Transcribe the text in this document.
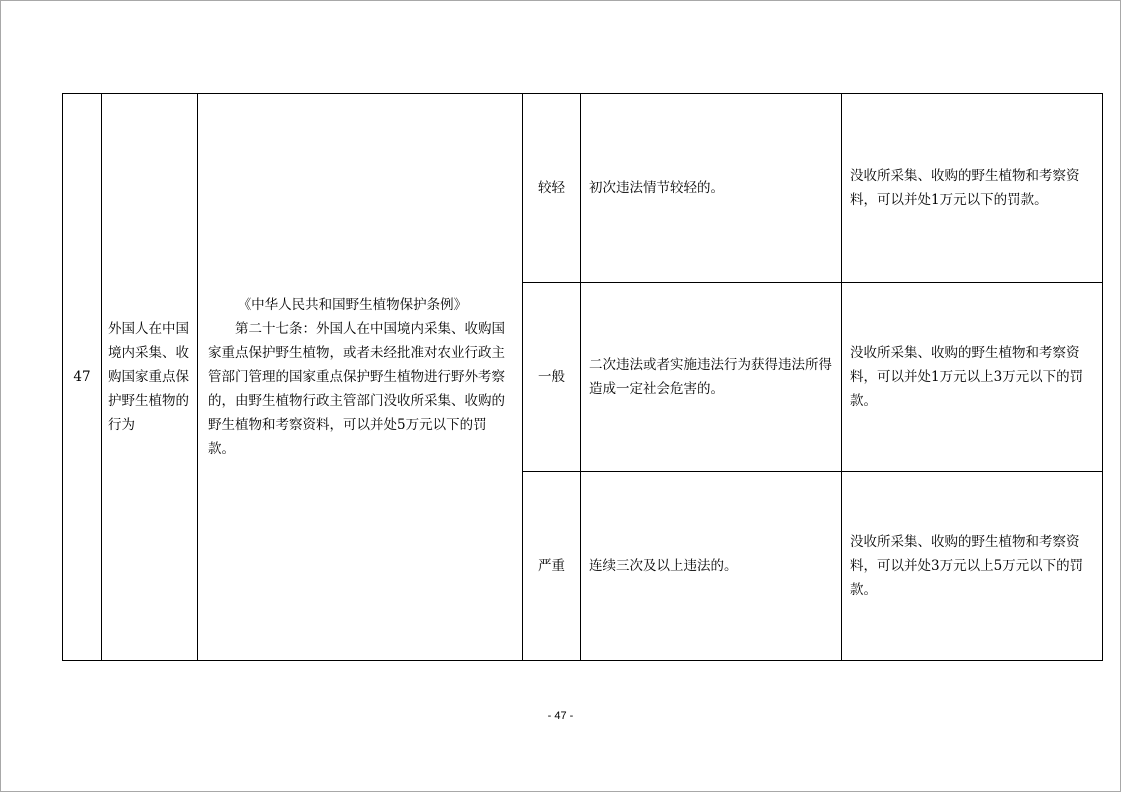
47	外国人在中国境内采集、收购国家重点保护野生植物的行为	《中华人民共和国野生植物保护条例》
第二十七条：外国人在中国境内采集、收购国家重点保护野生植物，或者未经批准对农业行政主管部门管理的国家重点保护野生植物进行野外考察的，由野生植物行政主管部门没收所采集、收购的野生植物和考察资料，可以并处5万元以下的罚款。	较轻	初次违法情节较轻的。	没收所采集、收购的野生植物和考察资料，可以并处1万元以下的罚款。
			一般	二次违法或者实施违法行为获得违法所得造成一定社会危害的。	没收所采集、收购的野生植物和考察资料，可以并处1万元以上3万元以下的罚款。
			严重	连续三次及以上违法的。	没收所采集、收购的野生植物和考察资料，可以并处3万元以上5万元以下的罚款。
- 47 -
